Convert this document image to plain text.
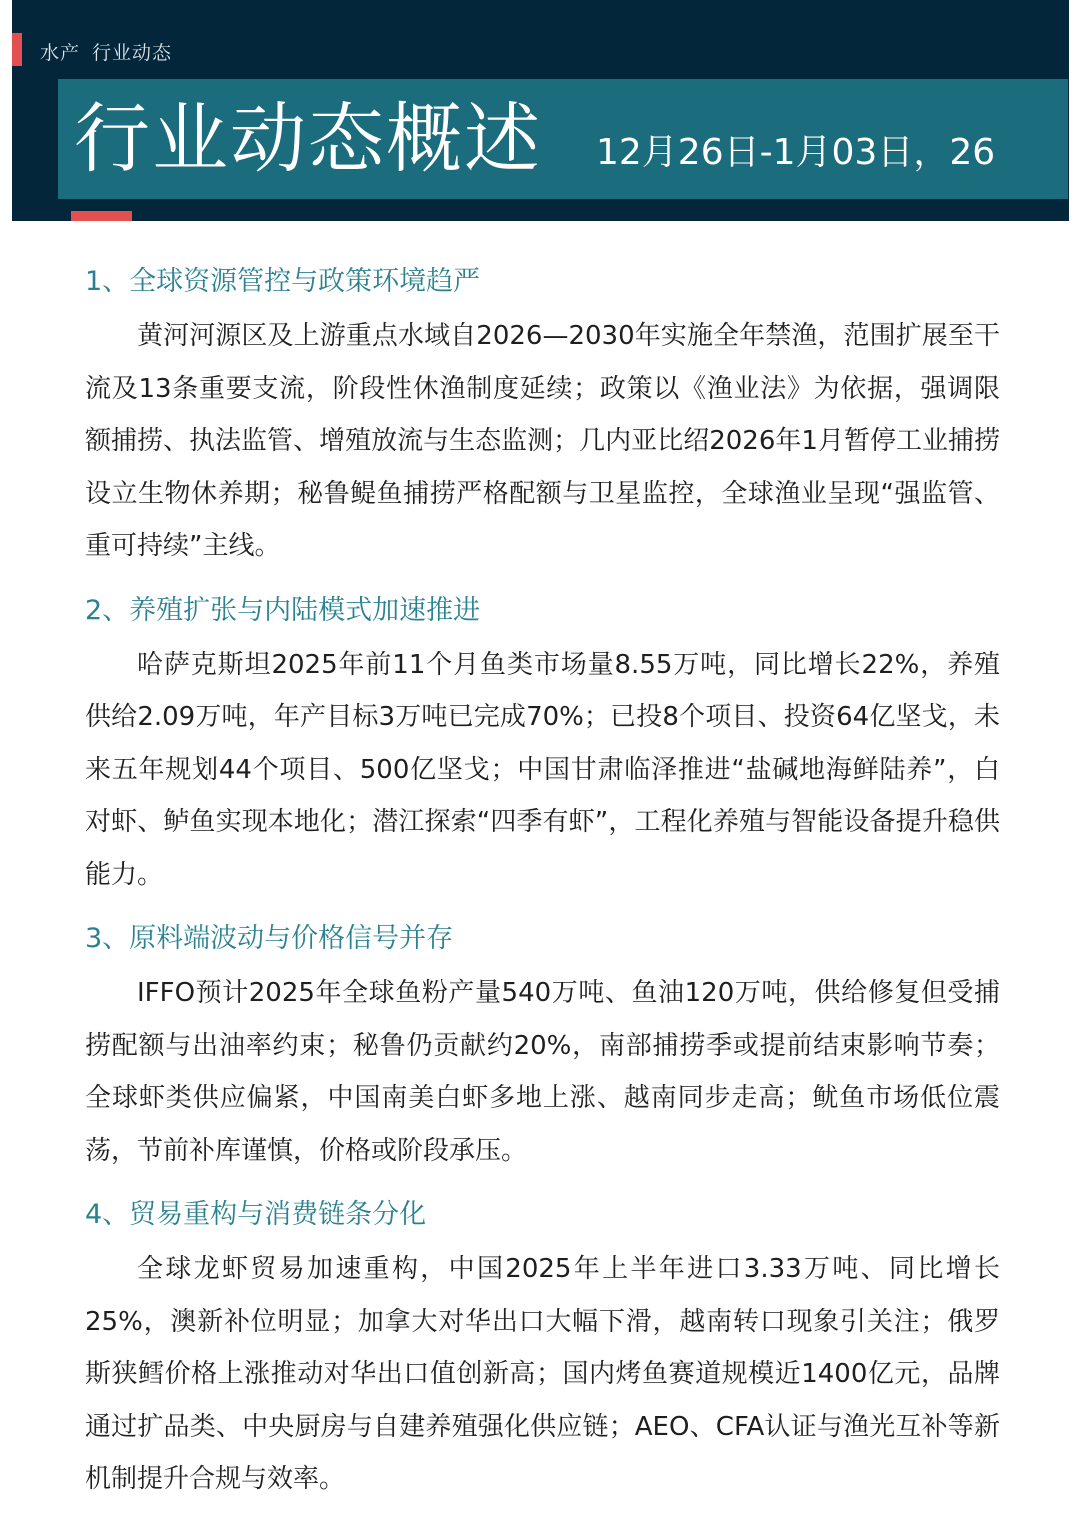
水产 行业动态
行业动态概述 12月26日-1月03日，26
1、全球资源管控与政策环境趋严

黄河河源区及上游重点水域自2026—2030年实施全年禁渔，范围扩展至干流及13条重要支流，阶段性休渔制度延续；政策以《渔业法》为依据，强调限额捕捞、执法监管、增殖放流与生态监测；几内亚比绍2026年1月暂停工业捕捞设立生物休养期；秘鲁鳀鱼捕捞严格配额与卫星监控，全球渔业呈现“强监管、重可持续”主线。

2、养殖扩张与内陆模式加速推进

哈萨克斯坦2025年前11个月鱼类市场量8.55万吨，同比增长22%，养殖供给2.09万吨，年产目标3万吨已完成70%；已投8个项目、投资64亿坚戈，未来五年规划44个项目、500亿坚戈；中国甘肃临泽推进“盐碱地海鲜陆养”，白对虾、鲈鱼实现本地化；潜江探索“四季有虾”，工程化养殖与智能设备提升稳供能力。

3、原料端波动与价格信号并存

IFFO预计2025年全球鱼粉产量540万吨、鱼油120万吨，供给修复但受捕捞配额与出油率约束；秘鲁仍贡献约20%，南部捕捞季或提前结束影响节奏；全球虾类供应偏紧，中国南美白虾多地上涨、越南同步走高；鱿鱼市场低位震荡，节前补库谨慎，价格或阶段承压。

4、贸易重构与消费链条分化

全球龙虾贸易加速重构，中国2025年上半年进口3.33万吨、同比增长25%，澳新补位明显；加拿大对华出口大幅下滑，越南转口现象引关注；俄罗斯狭鳕价格上涨推动对华出口值创新高；国内烤鱼赛道规模近1400亿元，品牌通过扩品类、中央厨房与自建养殖强化供应链；AEO、CFA认证与渔光互补等新机制提升合规与效率。
